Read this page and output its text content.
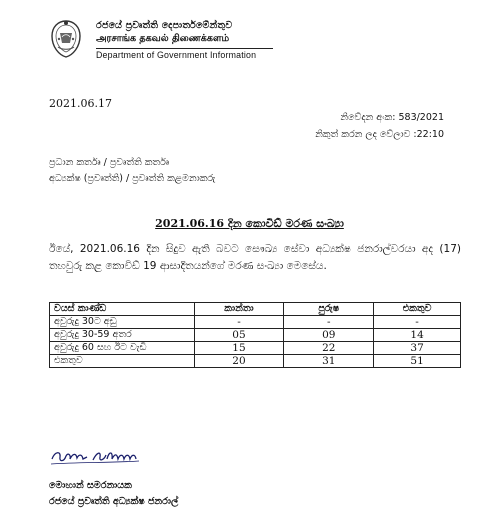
රජයේ ප්‍රවෘත්ති දෙපාර්තමේන්තුව
அரசாங்க தகவல் திணைக்களம்
Department of Government Information
2021.06.17
නිවේදන අංක: 583/2021
නිකුත් කරන ලද වේලාව :22:10
ප්‍රධාන කර්තෘ / ප්‍රවෘත්ති කර්තෘ
අධ්‍යක්ෂ (ප්‍රවෘත්ති) / ප්‍රවෘත්ති කළමනාකරු
2021.06.16 දින කොවිඩ් මරණ සංඛ්‍යා
ඊයේ, 2021.06.16 දින සිදුව ඇති බවට සෞඛ්‍ය සේවා අධ්‍යක්ෂ ජනරාල්වරයා අද (17) තහවුරු කළ කොවිඩ් 19 ආසාදිතයන්ගේ මරණ සංඛ්‍යා මෙසේය.
වයස් කාණ්ඩ	කාන්තා	පුරුෂ	එකතුව
අවුරුදු 30ට අඩු	-	-	-
අවුරුදු 30-59 අතර	05	09	14
අවුරුදු 60 සහ ඊට වැඩි	15	22	37
එකතුව	20	31	51
මොහාන් සමරනායක
රජයේ ප්‍රවෘත්ති අධ්‍යක්ෂ ජනරාල්
